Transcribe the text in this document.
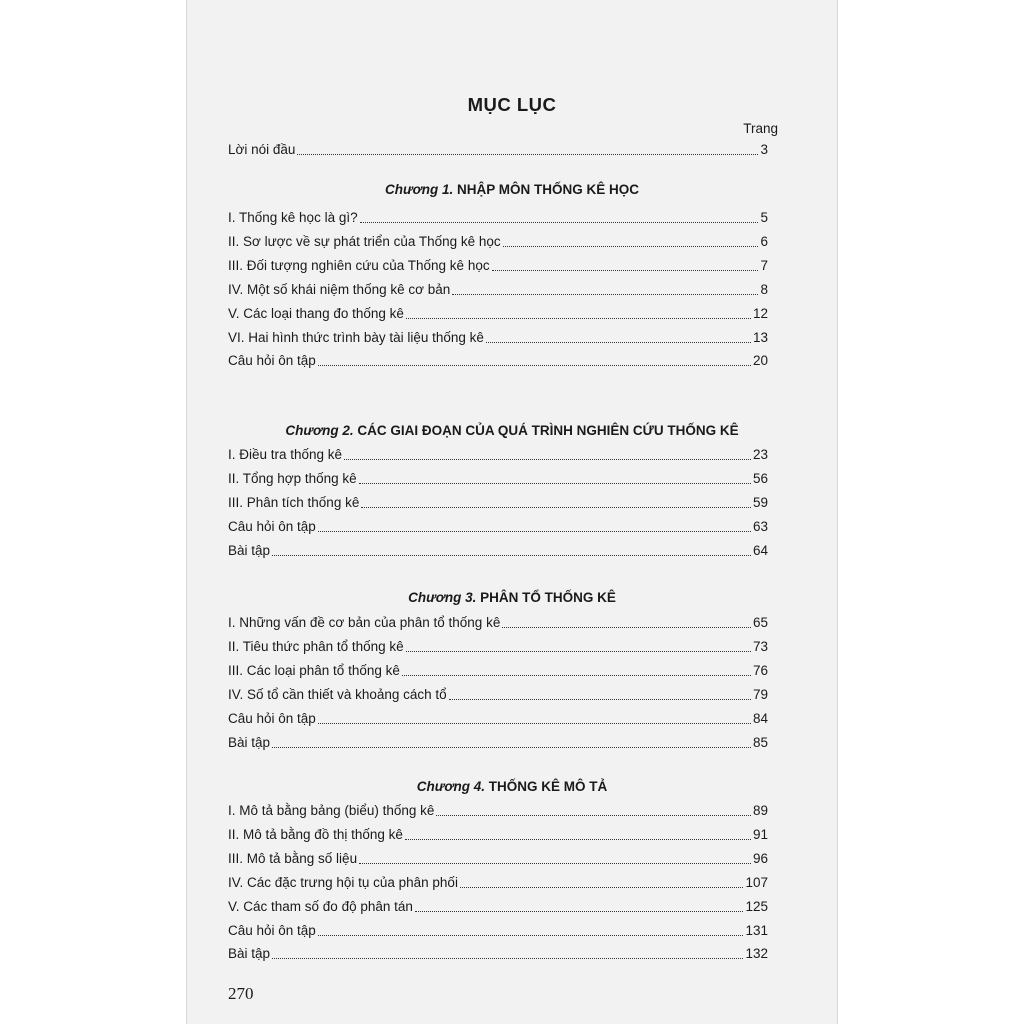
MỤC LỤC
Trang
Lời nói đầu	3
Chương 1. NHẬP MÔN THỐNG KÊ HỌC
I. Thống kê học là gì?	5
II. Sơ lược về sự phát triển của Thống kê học	6
III. Đối tượng nghiên cứu của Thống kê học	7
IV. Một số khái niệm thống kê cơ bản	8
V. Các loại thang đo thống kê	12
VI. Hai hình thức trình bày tài liệu thống kê	13
Câu hỏi ôn tập	20
Chương 2. CÁC GIAI ĐOẠN CỦA QUÁ TRÌNH NGHIÊN CỨU THỐNG KÊ
I. Điều tra thống kê	23
II. Tổng hợp thống kê	56
III. Phân tích thống kê	59
Câu hỏi ôn tập	63
Bài tập	64
Chương 3. PHÂN TỔ THỐNG KÊ
I. Những vấn đề cơ bản của phân tổ thống kê	65
II. Tiêu thức phân tổ thống kê	73
III. Các loại phân tổ thống kê	76
IV. Số tổ cần thiết và khoảng cách tổ	79
Câu hỏi ôn tập	84
Bài tập	85
Chương 4. THỐNG KÊ MÔ TẢ
I. Mô tả bằng bảng (biểu) thống kê	89
II. Mô tả bằng đồ thị thống kê	91
III. Mô tả bằng số liệu	96
IV. Các đặc trưng hội tụ của phân phối	107
V. Các tham số đo độ phân tán	125
Câu hỏi ôn tập	131
Bài tập	132
270
